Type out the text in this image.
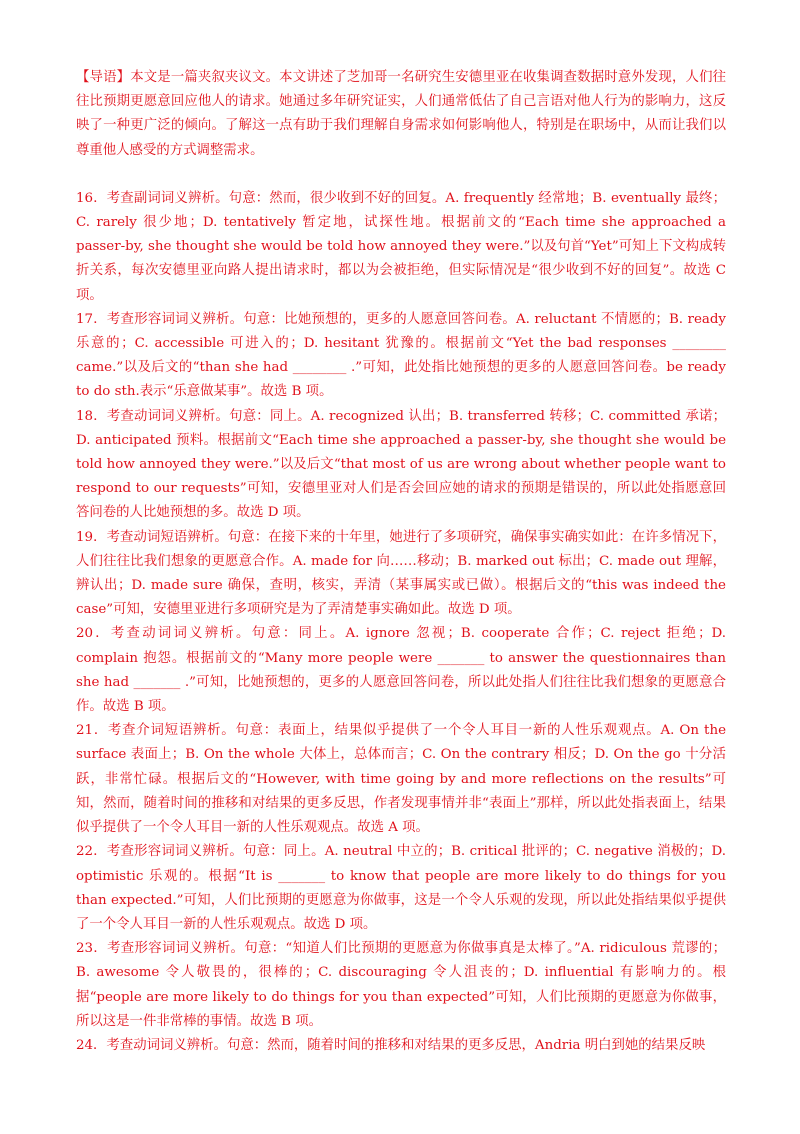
【导语】本文是一篇夹叙夹议文。本文讲述了芝加哥一名研究生安德里亚在收集调查数据时意外发现，人们往往比预期更愿意回应他人的请求。她通过多年研究证实，人们通常低估了自己言语对他人行为的影响力，这反映了一种更广泛的倾向。了解这一点有助于我们理解自身需求如何影响他人，特别是在职场中，从而让我们以尊重他人感受的方式调整需求。

16．考查副词词义辨析。句意：然而，很少收到不好的回复。A. frequently 经常地；B. eventually 最终；C. rarely 很少地；D. tentatively 暂定地，试探性地。根据前文的“Each time she approached a passer-by, she thought she would be told how annoyed they were.”以及句首“Yet”可知上下文构成转折关系，每次安德里亚向路人提出请求时，都以为会被拒绝，但实际情况是“很少收到不好的回复”。故选 C 项。

17．考查形容词词义辨析。句意：比她预想的，更多的人愿意回答问卷。A. reluctant 不情愿的；B. ready 乐意的；C. accessible 可进入的；D. hesitant 犹豫的。根据前文“Yet the bad responses ________ came.”以及后文的“than she had ________ .”可知，此处指比她预想的更多的人愿意回答问卷。be ready to do sth.表示“乐意做某事”。故选 B 项。

18．考查动词词义辨析。句意：同上。A. recognized 认出；B. transferred 转移；C. committed 承诺；D. anticipated 预料。根据前文“Each time she approached a passer-by, she thought she would be told how annoyed they were.”以及后文“that most of us are wrong about whether people want to respond to our requests”可知，安德里亚对人们是否会回应她的请求的预期是错误的，所以此处指愿意回答问卷的人比她预想的多。故选 D 项。

19．考查动词短语辨析。句意：在接下来的十年里，她进行了多项研究，确保事实确实如此：在许多情况下，人们往往比我们想象的更愿意合作。A. made for 向……移动；B. marked out 标出；C. made out 理解，辨认出；D. made sure 确保，查明，核实，弄清（某事属实或已做）。根据后文的“this was indeed the case”可知，安德里亚进行多项研究是为了弄清楚事实确如此。故选 D 项。

20．考查动词词义辨析。句意：同上。A. ignore 忽视；B. cooperate 合作；C. reject 拒绝；D. complain 抱怨。根据前文的“Many more people were _______ to answer the questionnaires than she had _______ .”可知，比她预想的，更多的人愿意回答问卷，所以此处指人们往往比我们想象的更愿意合作。故选 B 项。

21．考查介词短语辨析。句意：表面上，结果似乎提供了一个令人耳目一新的人性乐观观点。A. On the surface 表面上；B. On the whole 大体上，总体而言；C. On the contrary 相反；D. On the go 十分活跃，非常忙碌。根据后文的“However, with time going by and more reflections on the results”可知，然而，随着时间的推移和对结果的更多反思，作者发现事情并非“表面上”那样，所以此处指表面上，结果似乎提供了一个令人耳目一新的人性乐观观点。故选 A 项。

22．考查形容词词义辨析。句意：同上。A. neutral 中立的；B. critical 批评的；C. negative 消极的；D. optimistic 乐观的。根据“It is _______ to know that people are more likely to do things for you than expected.”可知，人们比预期的更愿意为你做事，这是一个令人乐观的发现，所以此处指结果似乎提供了一个令人耳目一新的人性乐观观点。故选 D 项。

23．考查形容词词义辨析。句意：“知道人们比预期的更愿意为你做事真是太棒了。”A. ridiculous 荒谬的；B. awesome 令人敬畏的，很棒的；C. discouraging 令人沮丧的；D. influential 有影响力的。根据“people are more likely to do things for you than expected”可知，人们比预期的更愿意为你做事，所以这是一件非常棒的事情。故选 B 项。

24．考查动词词义辨析。句意：然而，随着时间的推移和对结果的更多反思，Andria 明白到她的结果反映
